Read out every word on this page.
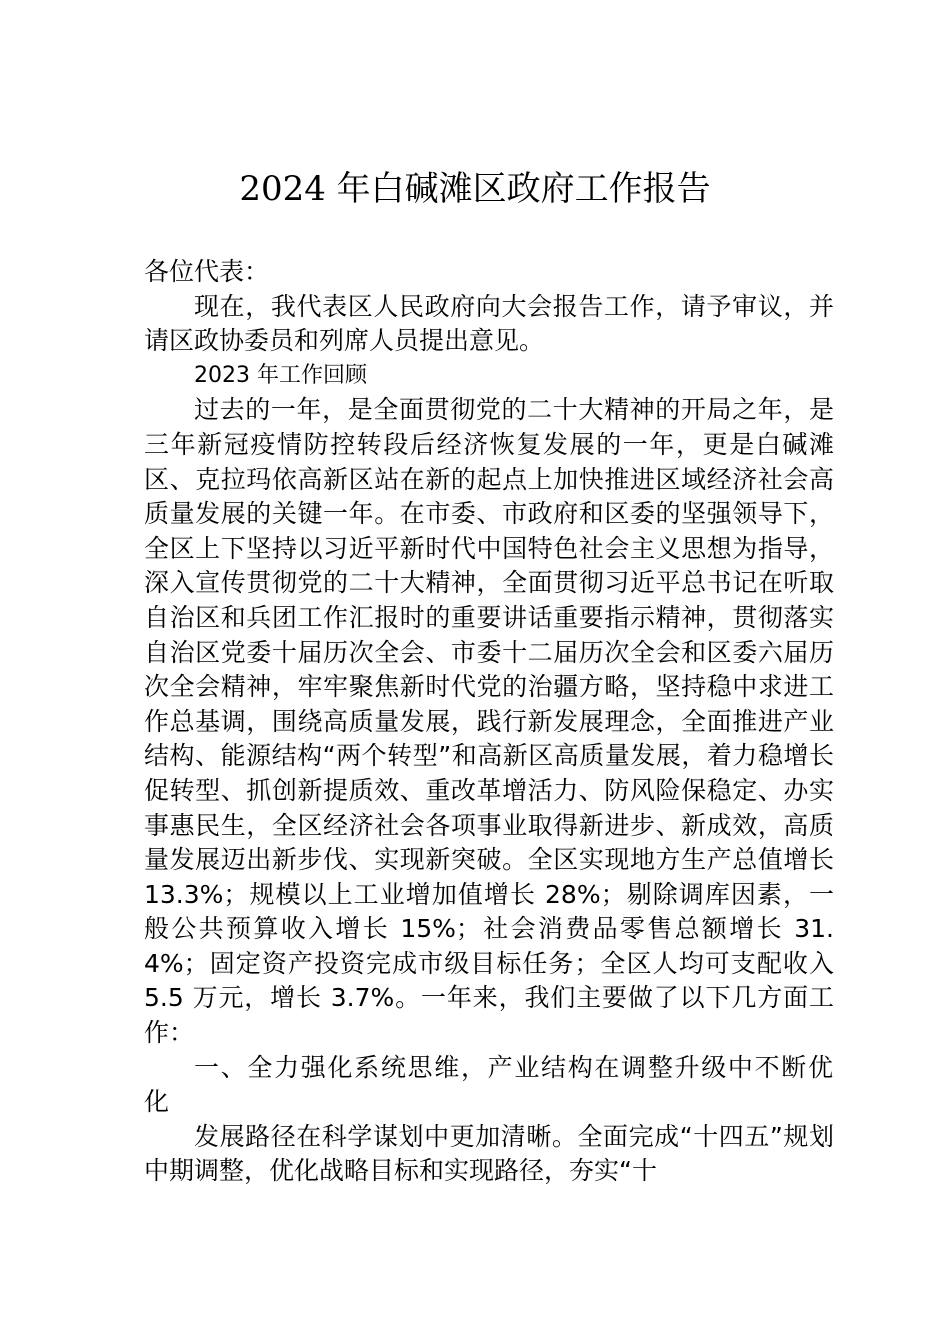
2024 年白碱滩区政府工作报告

各位代表：

现在，我代表区人民政府向大会报告工作，请予审议，并请区政协委员和列席人员提出意见。

2023 年工作回顾

过去的一年，是全面贯彻党的二十大精神的开局之年，是三年新冠疫情防控转段后经济恢复发展的一年，更是白碱滩区、克拉玛依高新区站在新的起点上加快推进区域经济社会高质量发展的关键一年。在市委、市政府和区委的坚强领导下，全区上下坚持以习近平新时代中国特色社会主义思想为指导，深入宣传贯彻党的二十大精神，全面贯彻习近平总书记在听取自治区和兵团工作汇报时的重要讲话重要指示精神，贯彻落实自治区党委十届历次全会、市委十二届历次全会和区委六届历次全会精神，牢牢聚焦新时代党的治疆方略，坚持稳中求进工作总基调，围绕高质量发展，践行新发展理念，全面推进产业结构、能源结构“两个转型”和高新区高质量发展，着力稳增长促转型、抓创新提质效、重改革增活力、防风险保稳定、办实事惠民生，全区经济社会各项事业取得新进步、新成效，高质量发展迈出新步伐、实现新突破。全区实现地方生产总值增长 13.3%；规模以上工业增加值增长 28%；剔除调库因素，一般公共预算收入增长 15%；社会消费品零售总额增长 31.4%；固定资产投资完成市级目标任务；全区人均可支配收入 5.5 万元，增长 3.7%。一年来，我们主要做了以下几方面工作：

一、全力强化系统思维，产业结构在调整升级中不断优化

发展路径在科学谋划中更加清晰。全面完成“十四五”规划中期调整，优化战略目标和实现路径，夯实“十
